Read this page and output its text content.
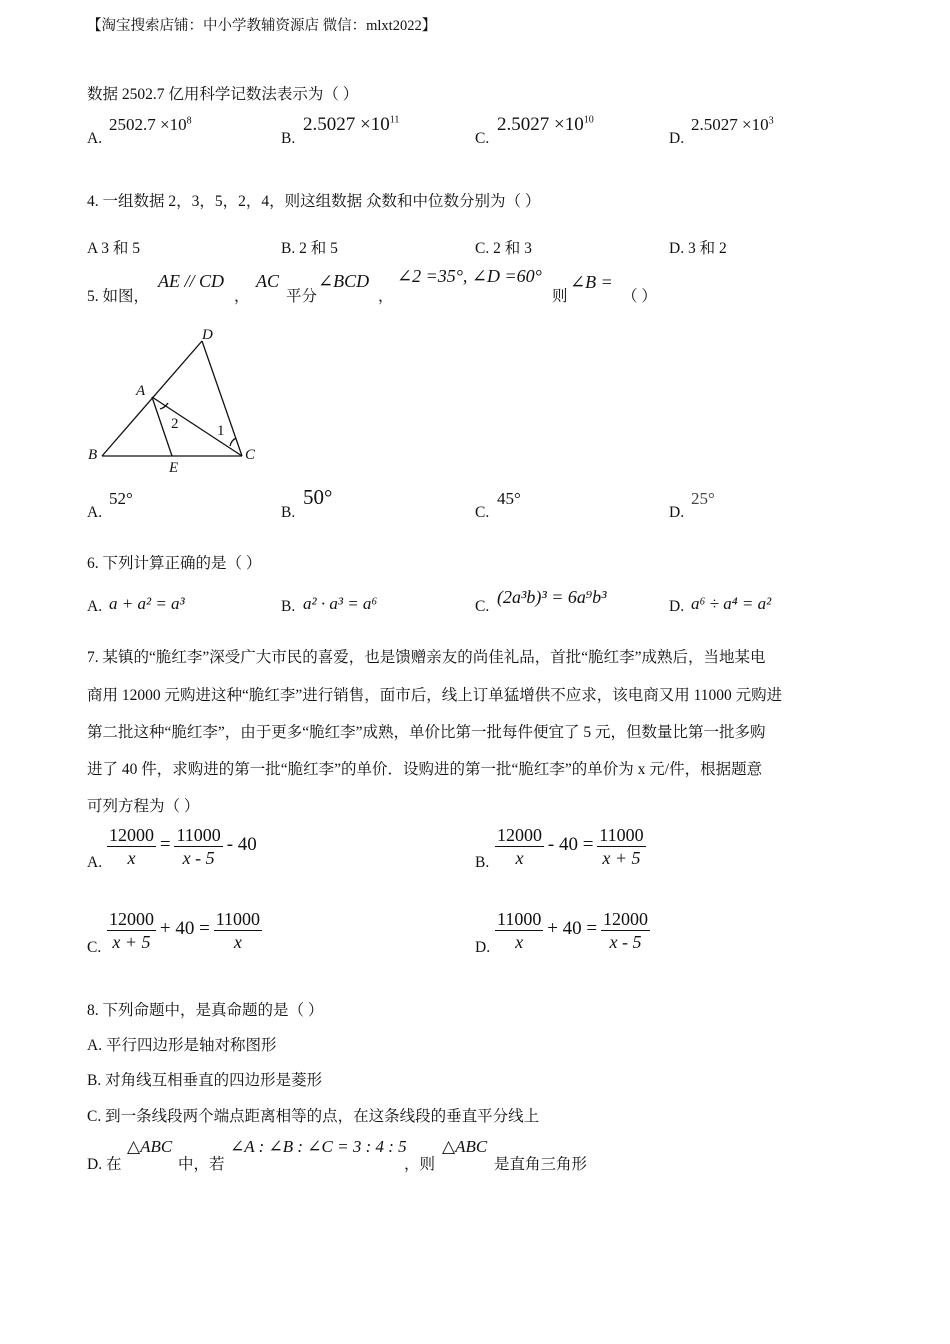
【淘宝搜索店铺：中小学教辅资源店 微信：mlxt2022】
数据 2502.7 亿用科学记数法表示为（ ）
A.
$2502.7 \times 10^8$
B.
$2.5027 \times 10^{11}$
C.
$2.5027 \times 10^{10}$
D.
$2.5027 \times 10^3$
4. 一组数据 2，3，5，2，4，则这组数据 众数和中位数分别为（ ）
A 3 和 5	B. 2 和 5	C. 2 和 3	D. 3 和 2
5. 如图，
AE // CD
，
AC
平分
∠BCD
，
∠2 =35°, ∠D =60°
则
∠B =
（ ）
D
A
B
E
C
1
2
A.
52°
B.
50°
C.
45°
D.
25°
6. 下列计算正确的是（ ）
A. a + a² = a³	B. a² · a³ = a⁶	C. (2a³b)³ = 6a⁹b³	D. a⁶ ÷ a⁴ = a²
7. 某镇的“脆红李”深受广大市民的喜爱，也是馈赠亲友的尚佳礼品，首批“脆红李”成熟后，当地某电
商用 12000 元购进这种“脆红李”进行销售，面市后，线上订单猛增供不应求，该电商又用 11000 元购进
第二批这种“脆红李”，由于更多“脆红李”成熟，单价比第一批每件便宜了 5 元，但数量比第一批多购
进了 40 件，求购进的第一批“脆红李”的单价．设购进的第一批“脆红李”的单价为 x 元/件，根据题意
可列方程为（ ）
A. $\frac{12000}{x} = \frac{11000}{x - 5} - 40$
B. $\frac{12000}{x} - 40 = \frac{11000}{x + 5}$
C. $\frac{12000}{x + 5} + 40 = \frac{11000}{x}$	D. $\frac{11000}{x} + 40 = \frac{12000}{x - 5}$
8. 下列命题中，是真命题的是（ ）
A. 平行四边形是轴对称图形
B. 对角线互相垂直的四边形是菱形
C. 到一条线段两个端点距离相等的点，在这条线段的垂直平分线上
D. 在
△ABC
中，若
∠A : ∠B : ∠C = 3 : 4 : 5
，则
△ABC
是直角三角形
